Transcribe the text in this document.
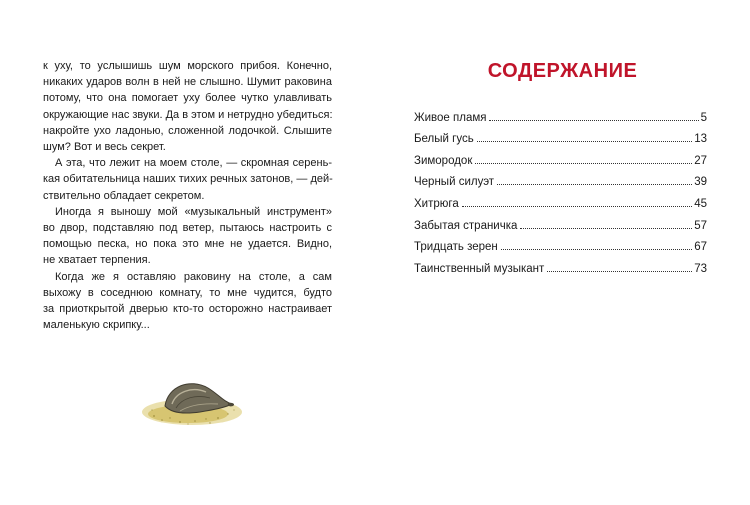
к уху, то услышишь шум морского прибоя. Конечно,
никаких ударов волн в ней не слышно. Шумит раковина
потому, что она помогает уху более чутко улавливать
окружающие нас звуки. Да в этом и нетрудно убедиться:
накройте ухо ладонью, сложенной лодочкой. Слышите
шум? Вот и весь секрет.

А эта, что лежит на моем столе, — скромная серень-
кая обитательница наших тихих речных затонов, — дей-
ствительно обладает секретом.

Иногда я выношу мой «музыкальный инструмент»
во двор, подставляю под ветер, пытаюсь настроить с
помощью песка, но пока это мне не удается. Видно,
не хватает терпения.

Когда же я оставляю раковину на столе, а сам
выхожу в соседнюю комнату, то мне чудится, будто
за приоткрытой дверью кто-то осторожно настраивает
маленькую скрипку...

СОДЕРЖАНИЕ
Живое пламя	5
Белый гусь	13
Зимородок	27
Черный силуэт	39
Хитрюга	45
Забытая страничка	57
Тридцать зерен	67
Таинственный музыкант	73
